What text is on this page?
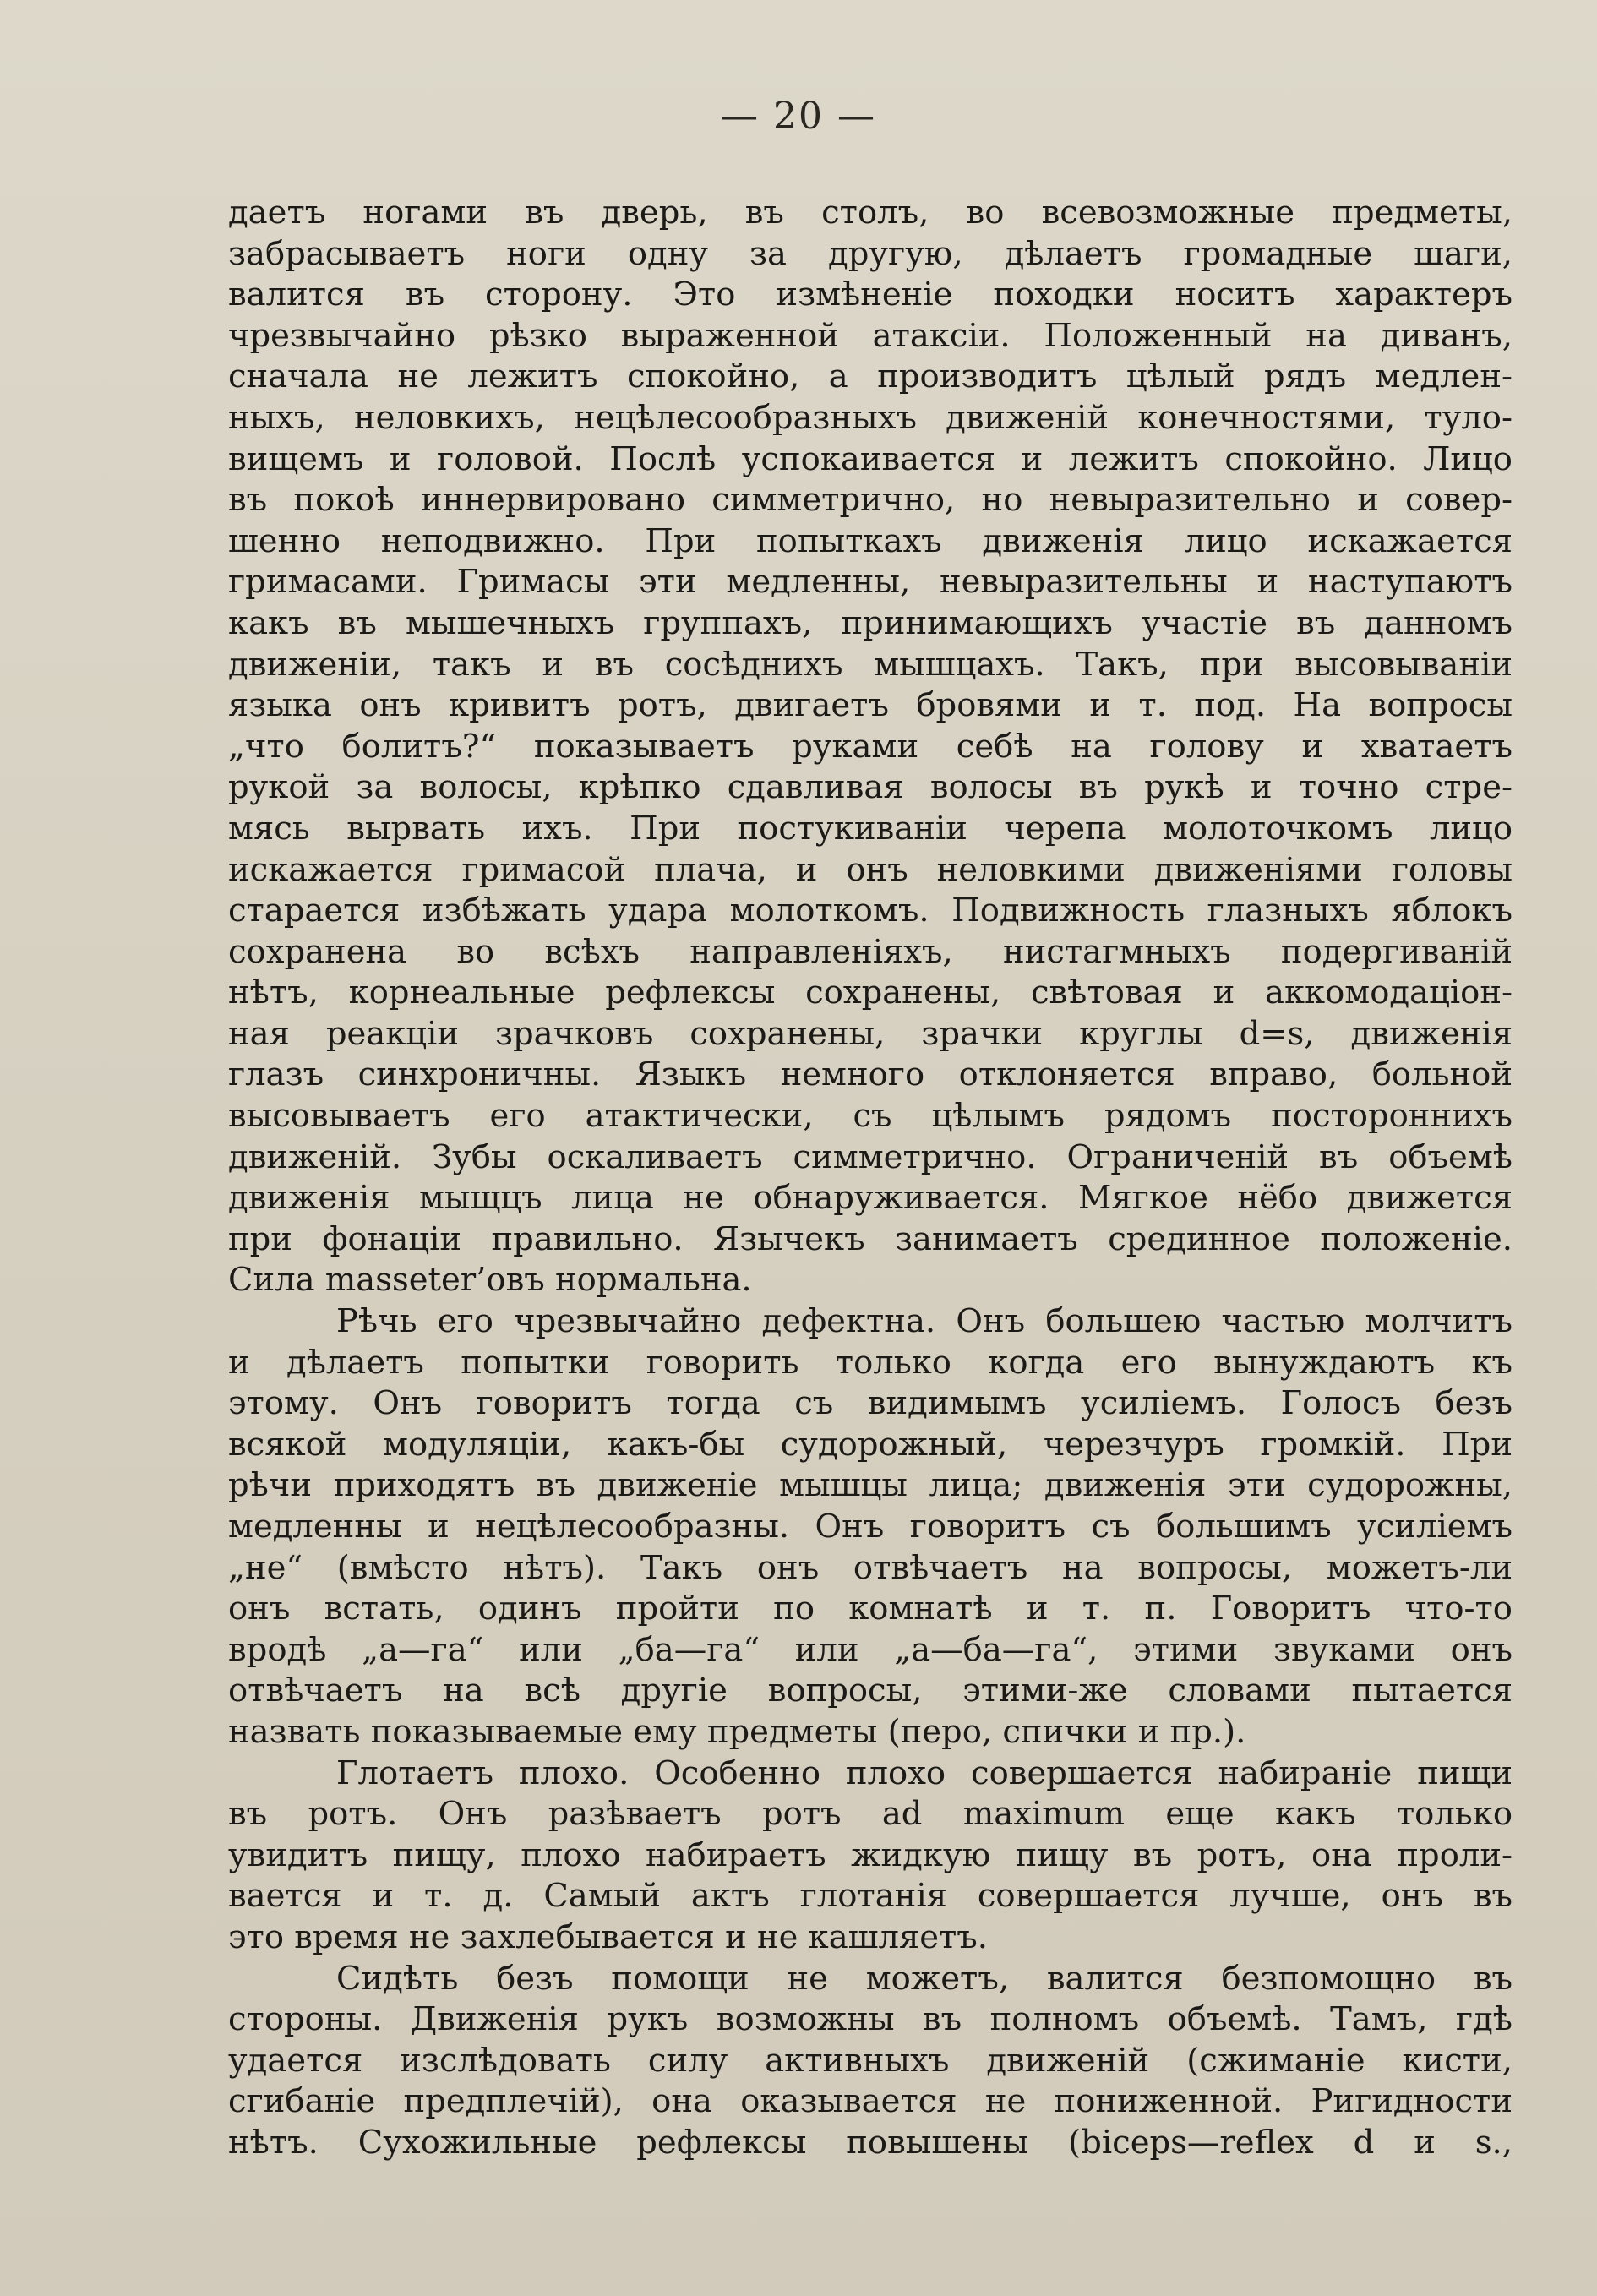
— 20 —
даетъ ногами въ дверь, въ столъ, во всевозможные предметы,
забрасываетъ ноги одну за другую, дѣлаетъ громадные шаги,
валится въ сторону. Это измѣненіе походки носитъ характеръ
чрезвычайно рѣзко выраженной атаксіи. Положенный на диванъ,
сначала не лежитъ спокойно, а производитъ цѣлый рядъ медлен-
ныхъ, неловкихъ, нецѣлесообразныхъ движеній конечностями, туло-
вищемъ и головой. Послѣ успокаивается и лежитъ спокойно. Лицо
въ покоѣ иннервировано симметрично, но невыразительно и совер-
шенно неподвижно. При попыткахъ движенія лицо искажается
гримасами. Гримасы эти медленны, невыразительны и наступаютъ
какъ въ мышечныхъ группахъ, принимающихъ участіе въ данномъ
движеніи, такъ и въ сосѣднихъ мышцахъ. Такъ, при высовываніи
языка онъ кривитъ ротъ, двигаетъ бровями и т. под. На вопросы
„что болитъ?“ показываетъ руками себѣ на голову и хватаетъ
рукой за волосы, крѣпко сдавливая волосы въ рукѣ и точно стре-
мясь вырвать ихъ. При постукиваніи черепа молоточкомъ лицо
искажается гримасой плача, и онъ неловкими движеніями головы
старается избѣжать удара молоткомъ. Подвижность глазныхъ яблокъ
сохранена во всѣхъ направленіяхъ, нистагмныхъ подергиваній
нѣтъ, корнеальные рефлексы сохранены, свѣтовая и аккомодаціон-
ная реакціи зрачковъ сохранены, зрачки круглы d=s, движенія
глазъ синхроничны. Языкъ немного отклоняется вправо, больной
высовываетъ его атактически, съ цѣлымъ рядомъ постороннихъ
движеній. Зубы оскаливаетъ симметрично. Ограниченій въ объемѣ
движенія мыщцъ лица не обнаруживается. Мягкое нёбо движется
при фонаціи правильно. Язычекъ занимаетъ срединное положеніе.
Сила masseter’овъ нормальна.
Рѣчь его чрезвычайно дефектна. Онъ большею частью молчитъ
и дѣлаетъ попытки говорить только когда его вынуждаютъ къ
этому. Онъ говоритъ тогда съ видимымъ усиліемъ. Голосъ безъ
всякой модуляціи, какъ-бы судорожный, черезчуръ громкій. При
рѣчи приходятъ въ движеніе мышцы лица; движенія эти судорожны,
медленны и нецѣлесообразны. Онъ говоритъ съ большимъ усиліемъ
„не“ (вмѣсто нѣтъ). Такъ онъ отвѣчаетъ на вопросы, можетъ-ли
онъ встать, одинъ пройти по комнатѣ и т. п. Говоритъ что-то
вродѣ „а—га“ или „ба—га“ или „а—ба—га“, этими звуками онъ
отвѣчаетъ на всѣ другіе вопросы, этими-же словами пытается
назвать показываемые ему предметы (перо, спички и пр.).
Глотаетъ плохо. Особенно плохо совершается набираніе пищи
въ ротъ. Онъ разѣваетъ ротъ ad maximum еще какъ только
увидитъ пищу, плохо набираетъ жидкую пищу въ ротъ, она проли-
вается и т. д. Самый актъ глотанія совершается лучше, онъ въ
это время не захлебывается и не кашляетъ.
Сидѣть безъ помощи не можетъ, валится безпомощно въ
стороны. Движенія рукъ возможны въ полномъ объемѣ. Тамъ, гдѣ
удается изслѣдовать силу активныхъ движеній (сжиманіе кисти,
сгибаніе предплечій), она оказывается не пониженной. Ригидности
нѣтъ. Сухожильные рефлексы повышены (biceps—reflex d и s.,
